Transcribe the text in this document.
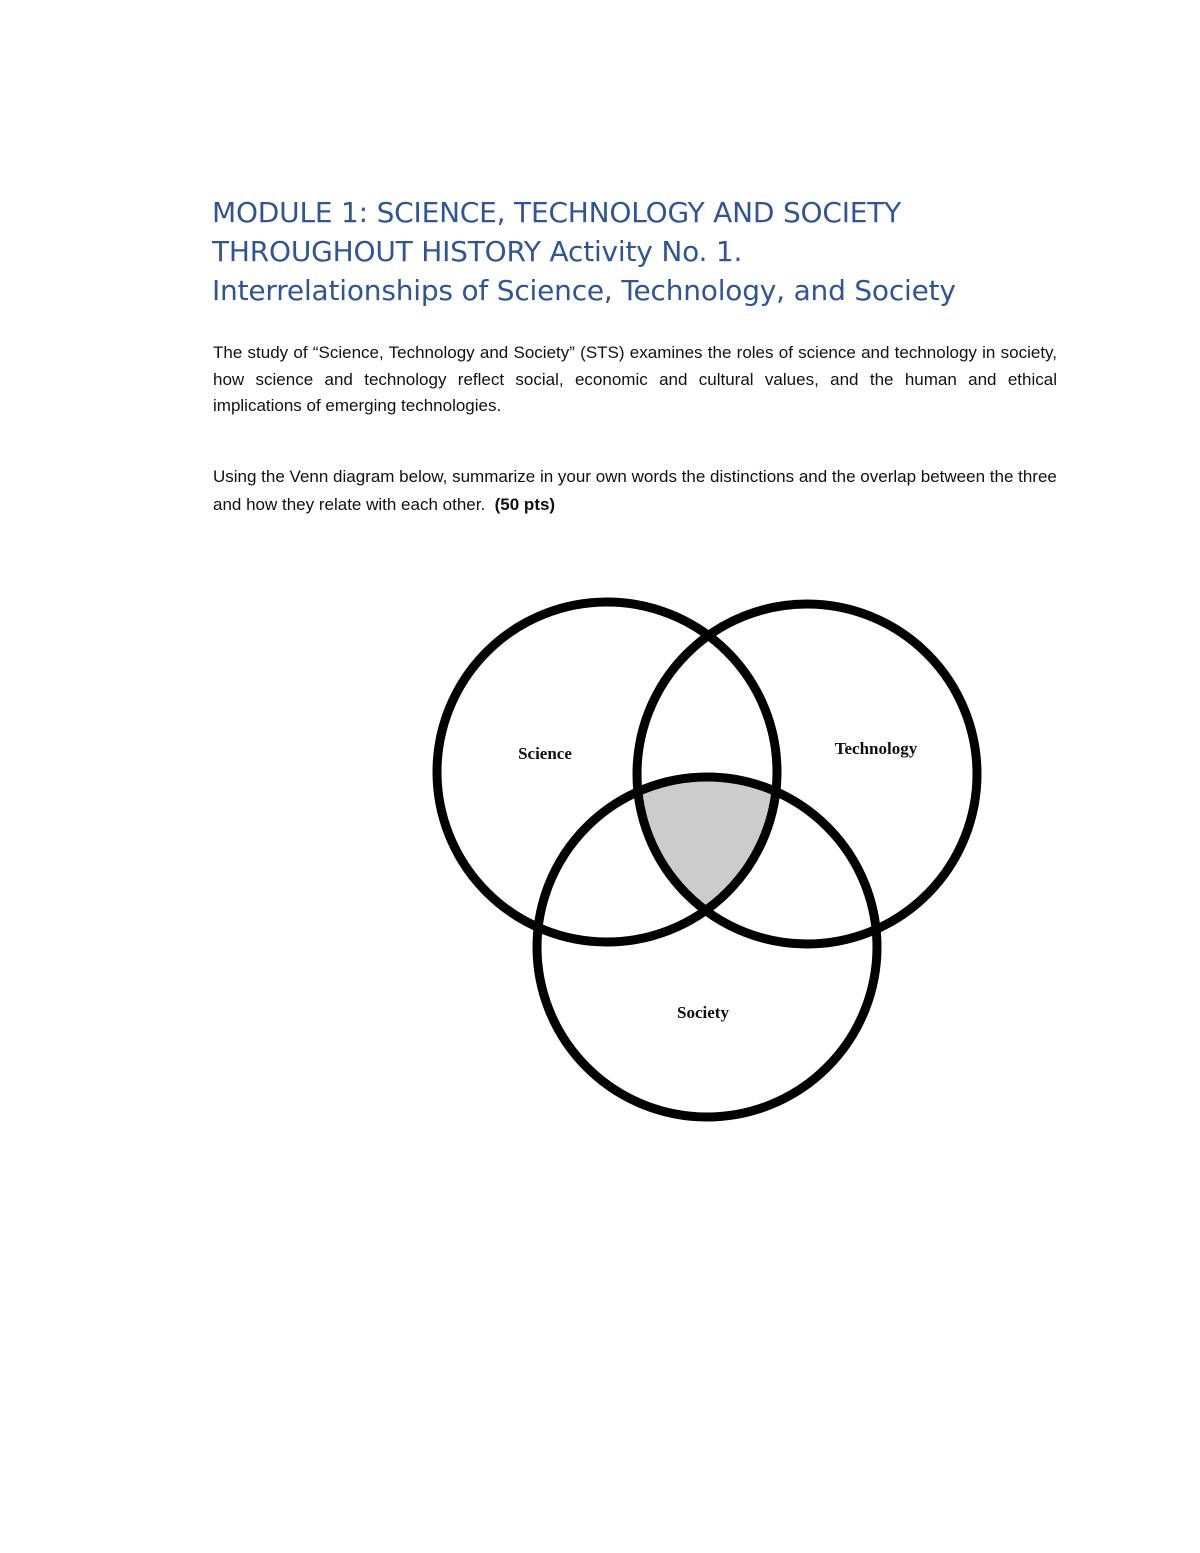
MODULE 1: SCIENCE, TECHNOLOGY AND SOCIETY
THROUGHOUT HISTORY Activity No. 1.
Interrelationships of Science, Technology, and Society

The study of “Science, Technology and Society” (STS) examines the roles of science and technology in society, how science and technology reflect social, economic and cultural values, and the human and ethical implications of emerging technologies.

Using the Venn diagram below, summarize in your own words the distinctions and the overlap between the three and how they relate with each other. (50 pts)

Science	Technology
Society
